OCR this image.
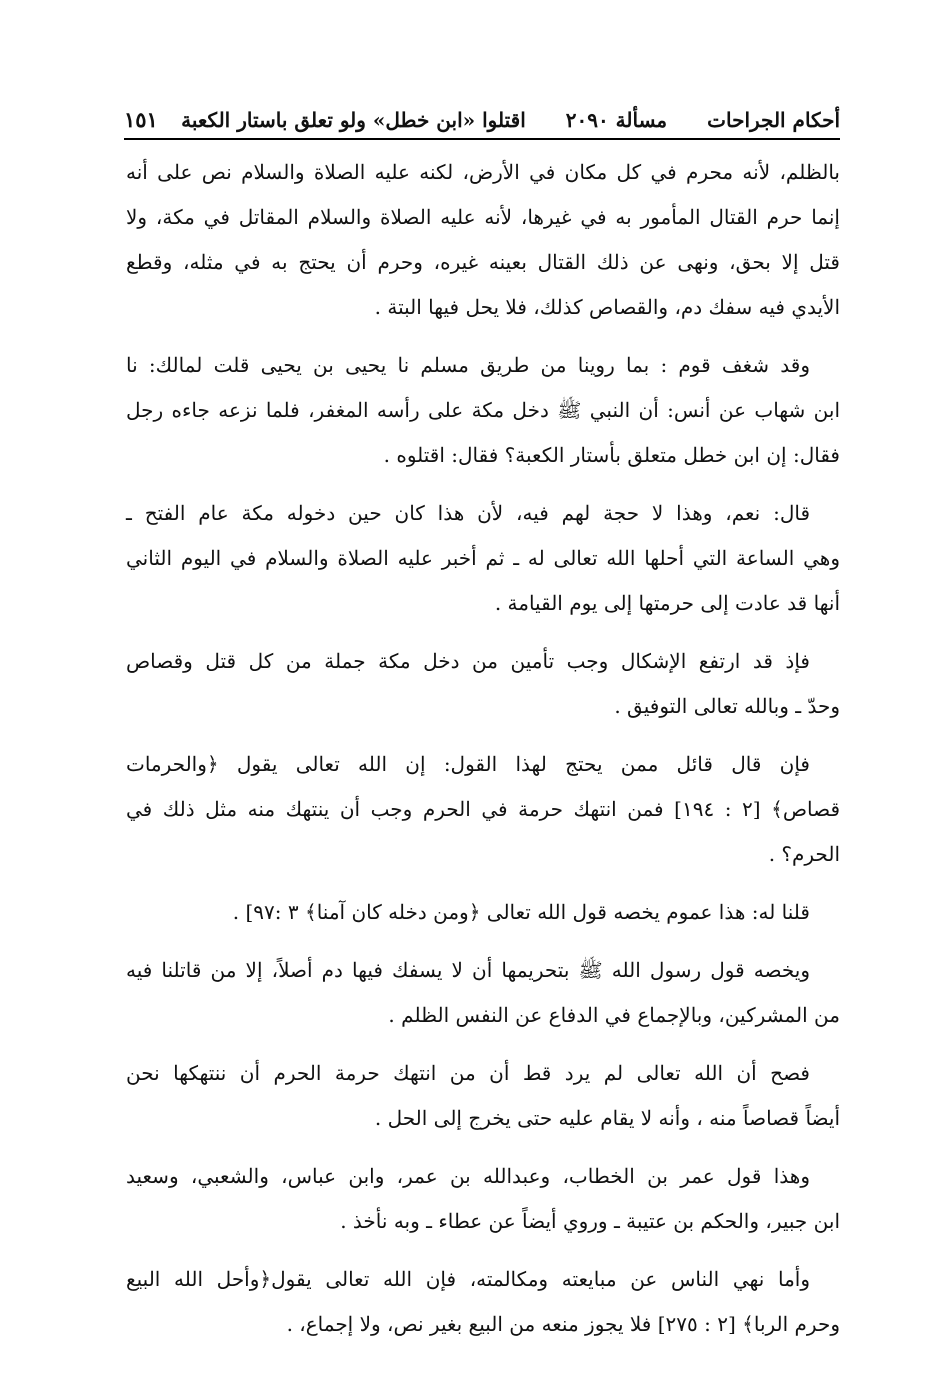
أحكام الجراحات
مسألة ٢٠٩٠
اقتلوا «ابن خطل» ولو تعلق باستار الكعبة
١٥١
بالظلم، لأنه محرم في كل مكان في الأرض، لكنه عليه الصلاة والسلام نص على أنه
إنما حرم القتال المأمور به في غيرها، لأنه عليه الصلاة والسلام المقاتل في مكة، ولا
قتل إلا بحق، ونهى عن ذلك القتال بعينه غيره، وحرم أن يحتج به في مثله، وقطع
الأيدي فيه سفك دم، والقصاص كذلك، فلا يحل فيها البتة .
وقد شغف قوم : بما روينا من طريق مسلم نا يحيى بن يحيى قلت لمالك: نا
ابن شهاب عن أنس: أن النبي ﷺ دخل مكة على رأسه المغفر، فلما نزعه جاءه رجل
فقال: إن ابن خطل متعلق بأستار الكعبة؟ فقال: اقتلوه .
قال: نعم، وهذا لا حجة لهم فيه، لأن هذا كان حين دخوله مكة عام الفتح ـ
وهي الساعة التي أحلها الله تعالى له ـ ثم أخبر عليه الصلاة والسلام في اليوم الثاني
أنها قد عادت إلى حرمتها إلى يوم القيامة .
فإذ قد ارتفع الإشكال وجب تأمين من دخل مكة جملة من كل قتل وقصاص
وحدّ ـ وبالله تعالى التوفيق .
فإن قال قائل ممن يحتج لهذا القول: إن الله تعالى يقول ﴿والحرمات
قصاص﴾ [٢ : ١٩٤] فمن انتهك حرمة في الحرم وجب أن ينتهك منه مثل ذلك في
الحرم؟ .
قلنا له: هذا عموم يخصه قول الله تعالى ﴿ومن دخله كان آمنا﴾ ٣ :٩٧] .
ويخصه قول رسول الله ﷺ بتحريمها أن لا يسفك فيها دم أصلاً، إلا من قاتلنا فيه
من المشركين، وبالإجماع في الدفاع عن النفس الظلم .
فصح أن الله تعالى لم يرد قط أن من انتهك حرمة الحرم أن ننتهكها نحن
أيضاً قصاصاً منه ، وأنه لا يقام عليه حتى يخرج إلى الحل .
وهذا قول عمر بن الخطاب، وعبدالله بن عمر، وابن عباس، والشعبي، وسعيد
ابن جبير، والحكم بن عتيبة ـ وروي أيضاً عن عطاء ـ وبه نأخذ .
وأما نهي الناس عن مبايعته ومكالمته، فإن الله تعالى يقول﴿وأحل الله البيع
وحرم الربا﴾ [٢ : ٢٧٥] فلا يجوز منعه من البيع بغير نص، ولا إجماع، .
